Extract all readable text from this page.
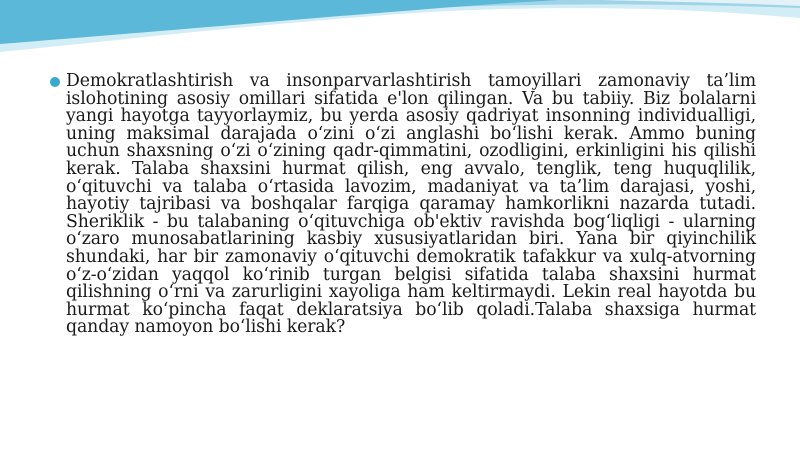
Demokratlashtirish va insonparvarlashtirish tamoyillari zamonaviy ta’lim islohotining asosiy omillari sifatida e'lon qilingan. Va bu tabiiy. Biz bolalarni yangi hayotga tayyorlaymiz, bu yerda asosiy qadriyat insonning individualligi, uning maksimal darajada o‘zini o‘zi anglashi bo‘lishi kerak. Ammo buning uchun shaxsning o‘zi o‘zining qadr-qimmatini, ozodligini, erkinligini his qilishi kerak. Talaba shaxsini hurmat qilish, eng avvalo, tenglik, teng huquqlilik, o‘qituvchi va talaba o‘rtasida lavozim, madaniyat va ta’lim darajasi, yoshi, hayotiy tajribasi va boshqalar farqiga qaramay hamkorlikni nazarda tutadi. Sheriklik - bu talabaning o‘qituvchiga ob'ektiv ravishda bog‘liqligi - ularning o‘zaro munosabatlarining kasbiy xususiyatlaridan biri. Yana bir qiyinchilik shundaki, har bir zamonaviy o‘qituvchi demokratik tafakkur va xulq-atvorning o‘z-o‘zidan yaqqol ko‘rinib turgan belgisi sifatida talaba shaxsini hurmat qilishning o‘rni va zarurligini xayoliga ham keltirmaydi. Lekin real hayotda bu hurmat ko‘pincha faqat deklaratsiya bo‘lib qoladi.Talaba shaxsiga hurmat qanday namoyon bo‘lishi kerak?
